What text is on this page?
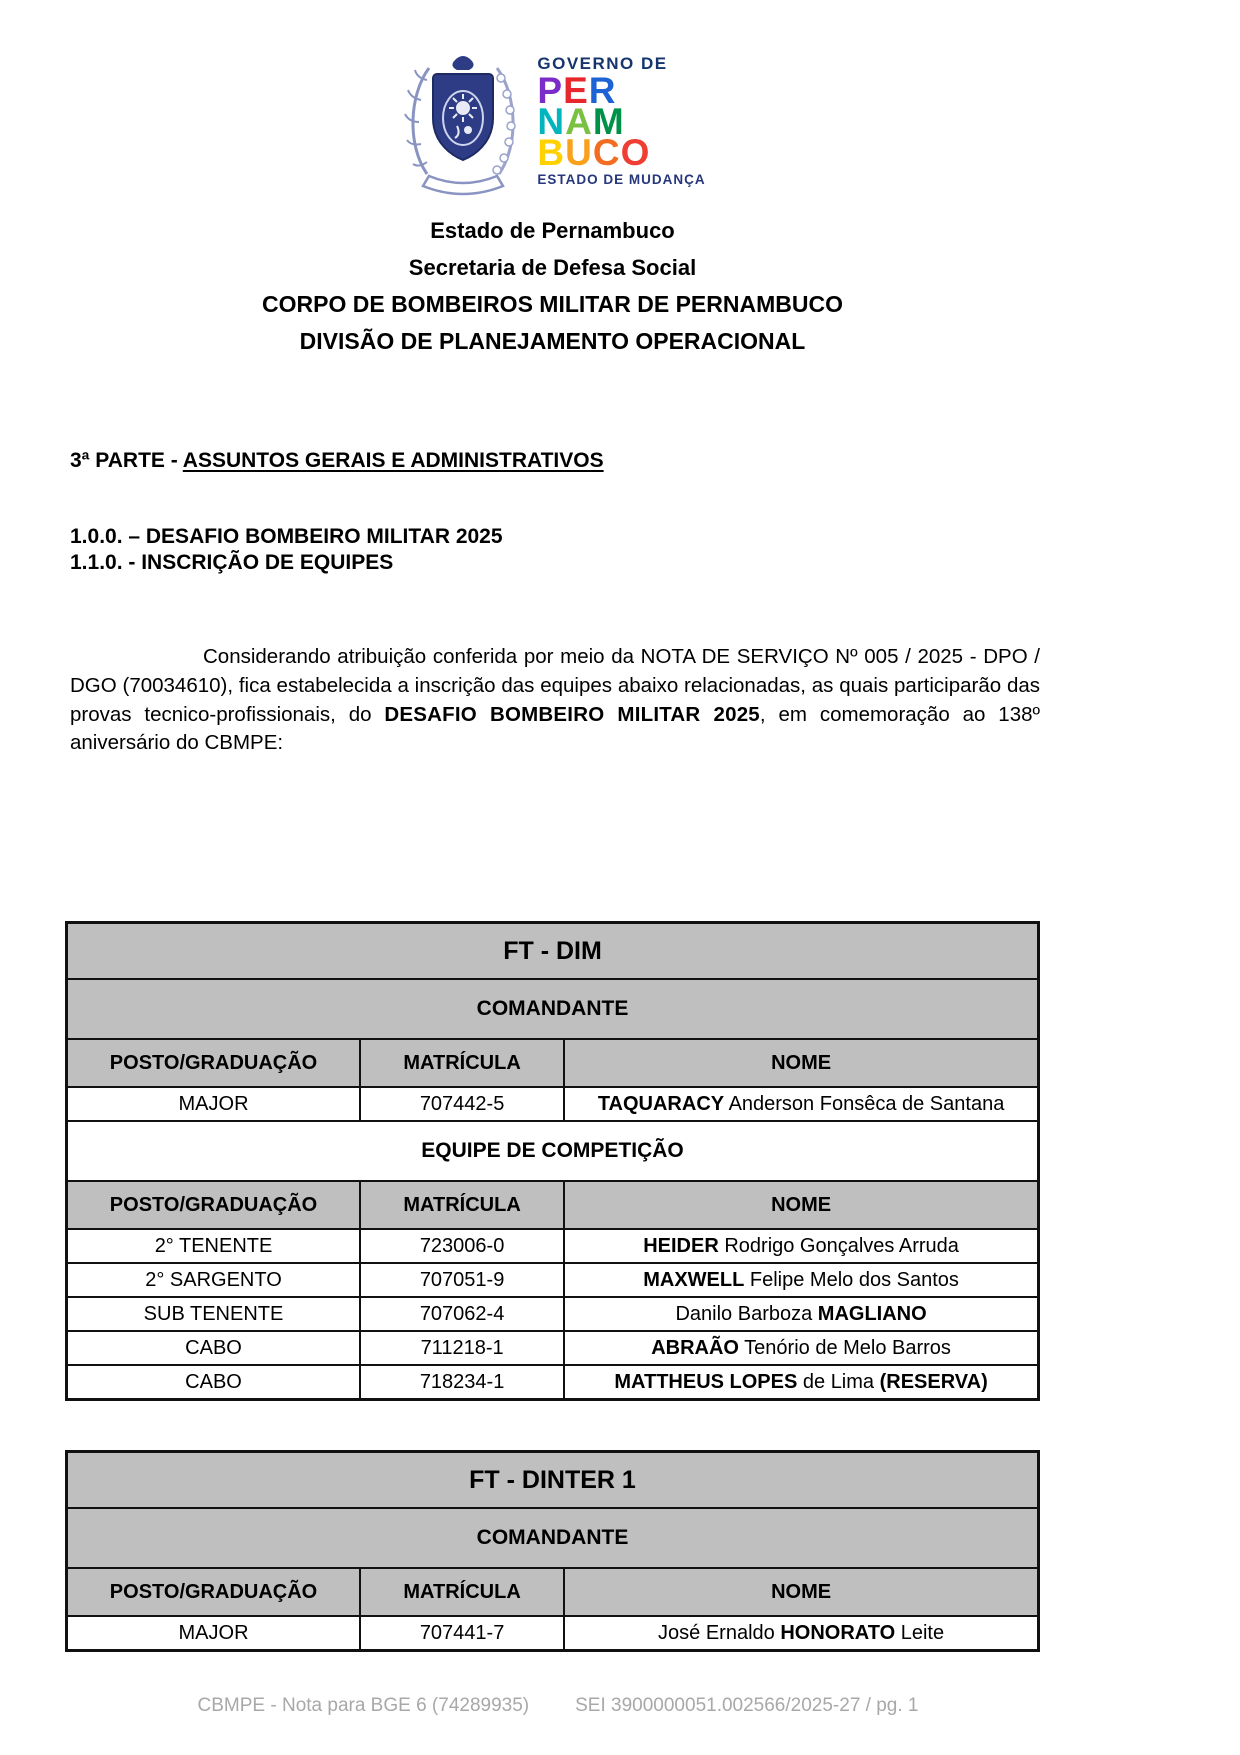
GOVERNO DE
PER
NAM
BUCO
ESTADO DE MUDANÇA
Estado de Pernambuco
Secretaria de Defesa Social
CORPO DE BOMBEIROS MILITAR DE PERNAMBUCO
DIVISÃO DE PLANEJAMENTO OPERACIONAL
3ª PARTE - ASSUNTOS GERAIS E ADMINISTRATIVOS
1.0.0. – DESAFIO BOMBEIRO MILITAR 2025
1.1.0. - INSCRIÇÃO DE EQUIPES

Considerando atribuição conferida por meio da NOTA DE SERVIÇO Nº 005 / 2025 - DPO / DGO (70034610), fica estabelecida a inscrição das equipes abaixo relacionadas, as quais participarão das provas tecnico-profissionais, do DESAFIO BOMBEIRO MILITAR 2025, em comemoração ao 138º aniversário do CBMPE:

FT - DIM		
COMANDANTE		
POSTO/GRADUAÇÃO	MATRÍCULA	NOME
MAJOR	707442-5	TAQUARACY Anderson Fonsêca de Santana
EQUIPE DE COMPETIÇÃO		
POSTO/GRADUAÇÃO	MATRÍCULA	NOME
2° TENENTE	723006-0	HEIDER Rodrigo Gonçalves Arruda
2° SARGENTO	707051-9	MAXWELL Felipe Melo dos Santos
SUB TENENTE	707062-4	Danilo Barboza MAGLIANO
CABO	711218-1	ABRAÃO Tenório de Melo Barros
CABO	718234-1	MATTHEUS LOPES de Lima (RESERVA)
FT - DINTER 1		
COMANDANTE		
POSTO/GRADUAÇÃO	MATRÍCULA	NOME
MAJOR	707441-7	José Ernaldo HONORATO Leite
CBMPE - Nota para BGE 6 (74289935) SEI 3900000051.002566/2025-27 / pg. 1
